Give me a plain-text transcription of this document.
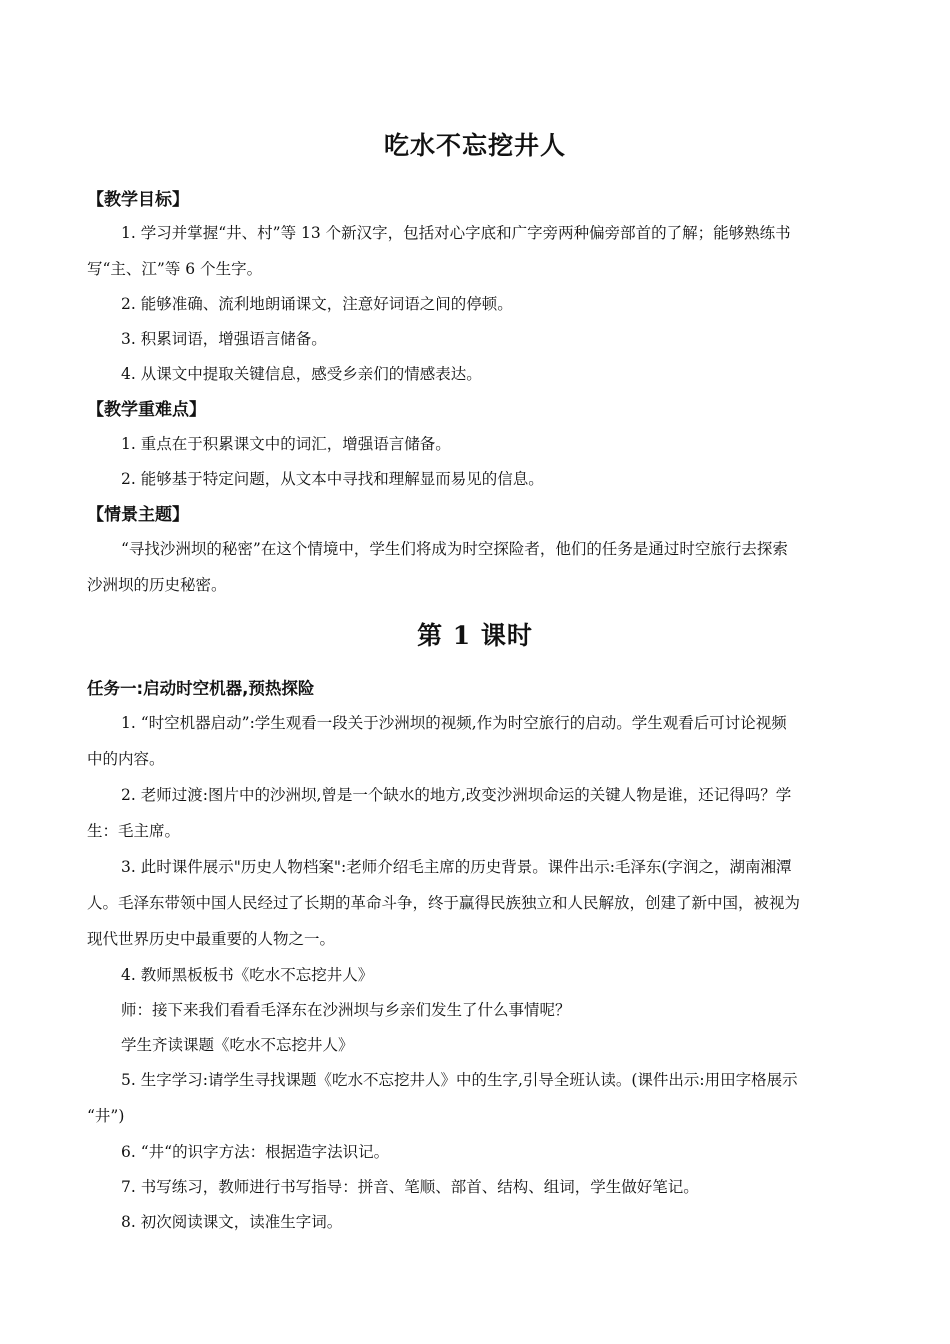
吃水不忘挖井人
【教学目标】
1. 学习并掌握“井、村”等 13 个新汉字，包括对心字底和广字旁两种偏旁部首的了解；能够熟练书
写“主、江”等 6 个生字。
2. 能够准确、流利地朗诵课文，注意好词语之间的停顿。
3. 积累词语，增强语言储备。
4. 从课文中提取关键信息，感受乡亲们的情感表达。
【教学重难点】
1. 重点在于积累课文中的词汇，增强语言储备。
2. 能够基于特定问题，从文本中寻找和理解显而易见的信息。
【情景主题】
“寻找沙洲坝的秘密”在这个情境中，学生们将成为时空探险者，他们的任务是通过时空旅行去探索
沙洲坝的历史秘密。
第 1 课时
任务一:启动时空机器,预热探险
1. “时空机器启动”:学生观看一段关于沙洲坝的视频,作为时空旅行的启动。学生观看后可讨论视频
中的内容。
2. 老师过渡:图片中的沙洲坝,曾是一个缺水的地方,改变沙洲坝命运的关键人物是谁，还记得吗？学
生：毛主席。
3. 此时课件展示"历史人物档案":老师介绍毛主席的历史背景。课件出示:毛泽东(字润之，湖南湘潭
人。毛泽东带领中国人民经过了长期的革命斗争，终于赢得民族独立和人民解放，创建了新中国，被视为
现代世界历史中最重要的人物之一。
4. 教师黑板板书《吃水不忘挖井人》
师：接下来我们看看毛泽东在沙洲坝与乡亲们发生了什么事情呢？
学生齐读课题《吃水不忘挖井人》
5. 生字学习:请学生寻找课题《吃水不忘挖井人》中的生字,引导全班认读。(课件出示:用田字格展示
“井”)
6. “井“的识字方法：根据造字法识记。
7. 书写练习，教师进行书写指导：拼音、笔顺、部首、结构、组词，学生做好笔记。
8. 初次阅读课文，读准生字词。
